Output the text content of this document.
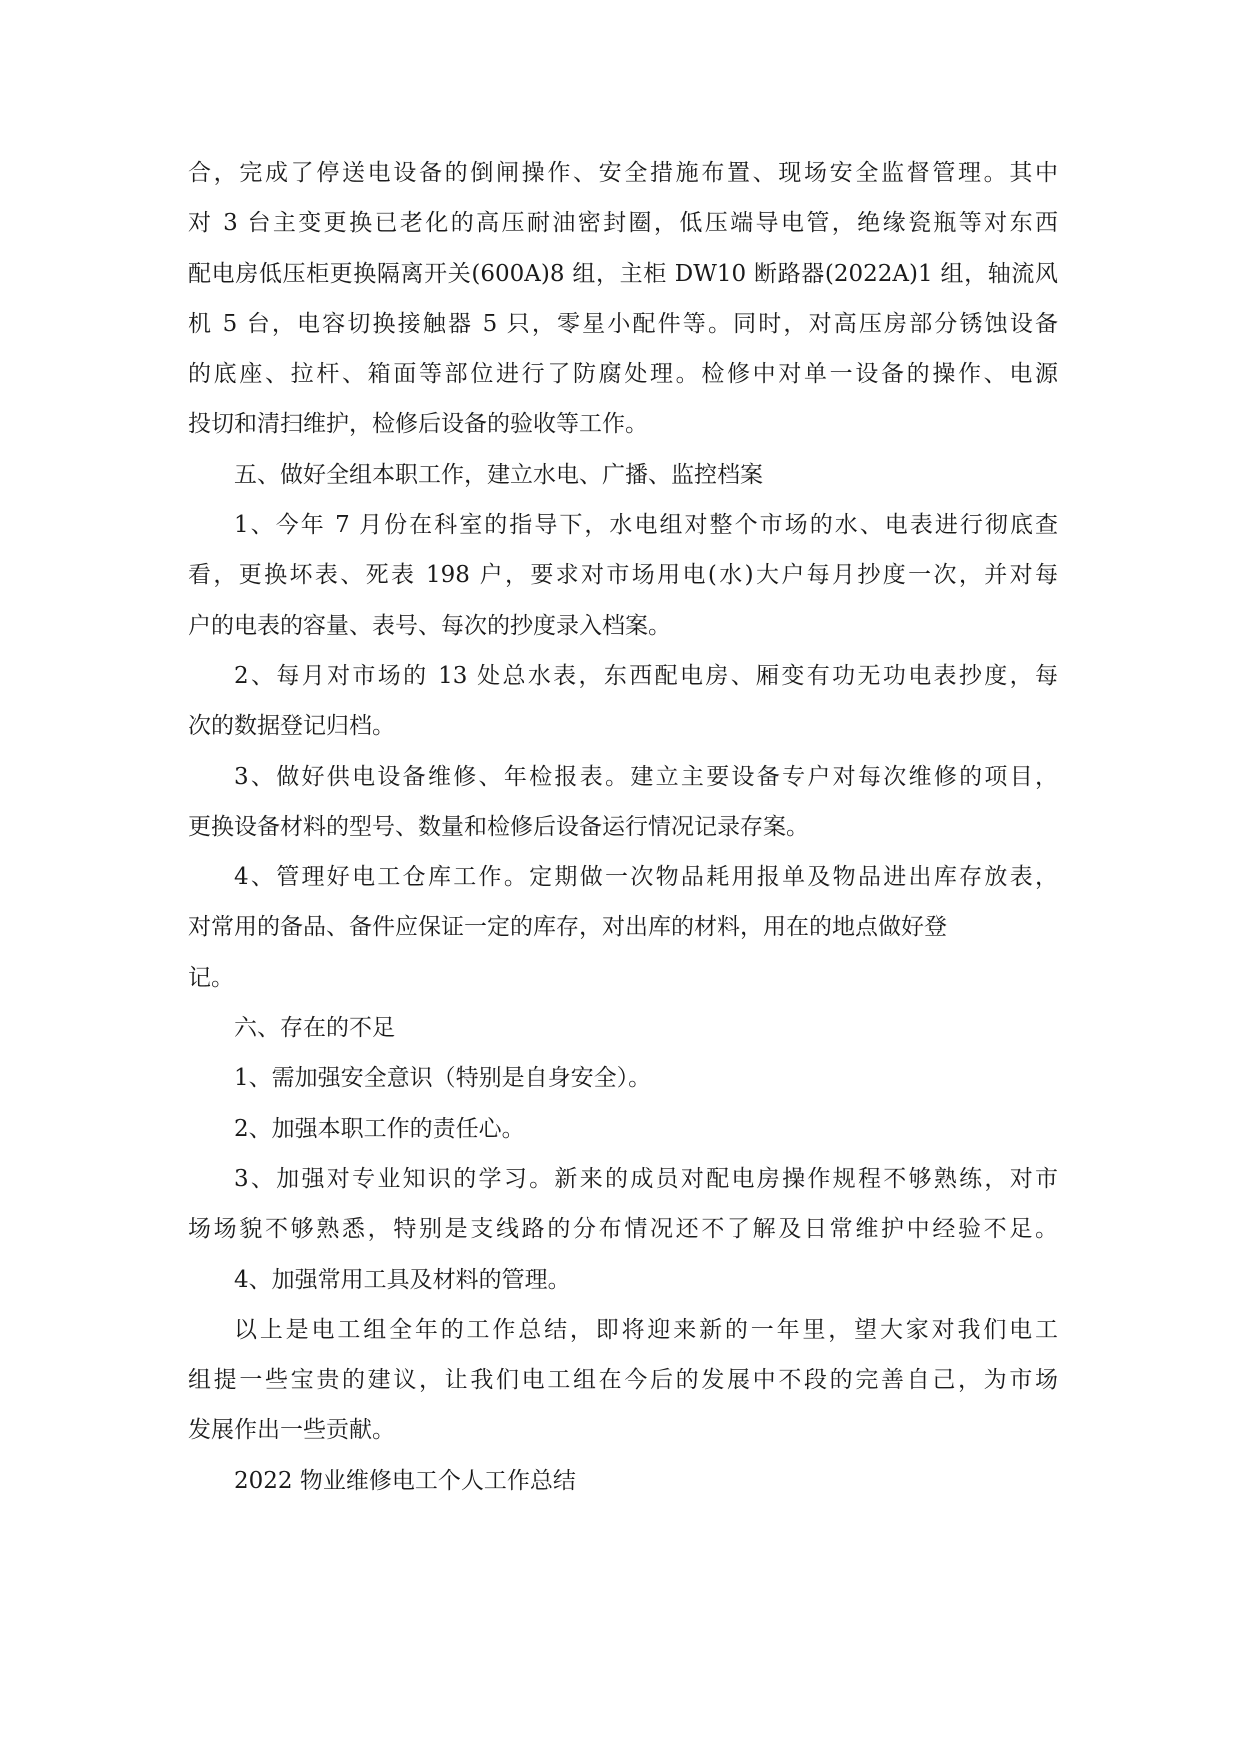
合，完成了停送电设备的倒闸操作、安全措施布置、现场安全监督管理。其中
对 3 台主变更换已老化的高压耐油密封圈，低压端导电管，绝缘瓷瓶等对东西
配电房低压柜更换隔离开关(600A)8 组，主柜 DW10 断路器(2022A)1 组，轴流风
机 5 台，电容切换接触器 5 只，零星小配件等。同时，对高压房部分锈蚀设备
的底座、拉杆、箱面等部位进行了防腐处理。检修中对单一设备的操作、电源
投切和清扫维护，检修后设备的验收等工作。
五、做好全组本职工作，建立水电、广播、监控档案
1、今年 7 月份在科室的指导下，水电组对整个市场的水、电表进行彻底查
看，更换坏表、死表 198 户，要求对市场用电(水)大户每月抄度一次，并对每
户的电表的容量、表号、每次的抄度录入档案。
2、每月对市场的 13 处总水表，东西配电房、厢变有功无功电表抄度，每
次的数据登记归档。
3、做好供电设备维修、年检报表。建立主要设备专户对每次维修的项目，
更换设备材料的型号、数量和检修后设备运行情况记录存案。
4、管理好电工仓库工作。定期做一次物品耗用报单及物品进出库存放表，
对常用的备品、备件应保证一定的库存，对出库的材料，用在的地点做好登
记。
六、存在的不足
1、需加强安全意识（特别是自身安全）。
2、加强本职工作的责任心。
3、加强对专业知识的学习。新来的成员对配电房操作规程不够熟练，对市
场场貌不够熟悉，特别是支线路的分布情况还不了解及日常维护中经验不足。
4、加强常用工具及材料的管理。
以上是电工组全年的工作总结，即将迎来新的一年里，望大家对我们电工
组提一些宝贵的建议，让我们电工组在今后的发展中不段的完善自己，为市场
发展作出一些贡献。
2022 物业维修电工个人工作总结
